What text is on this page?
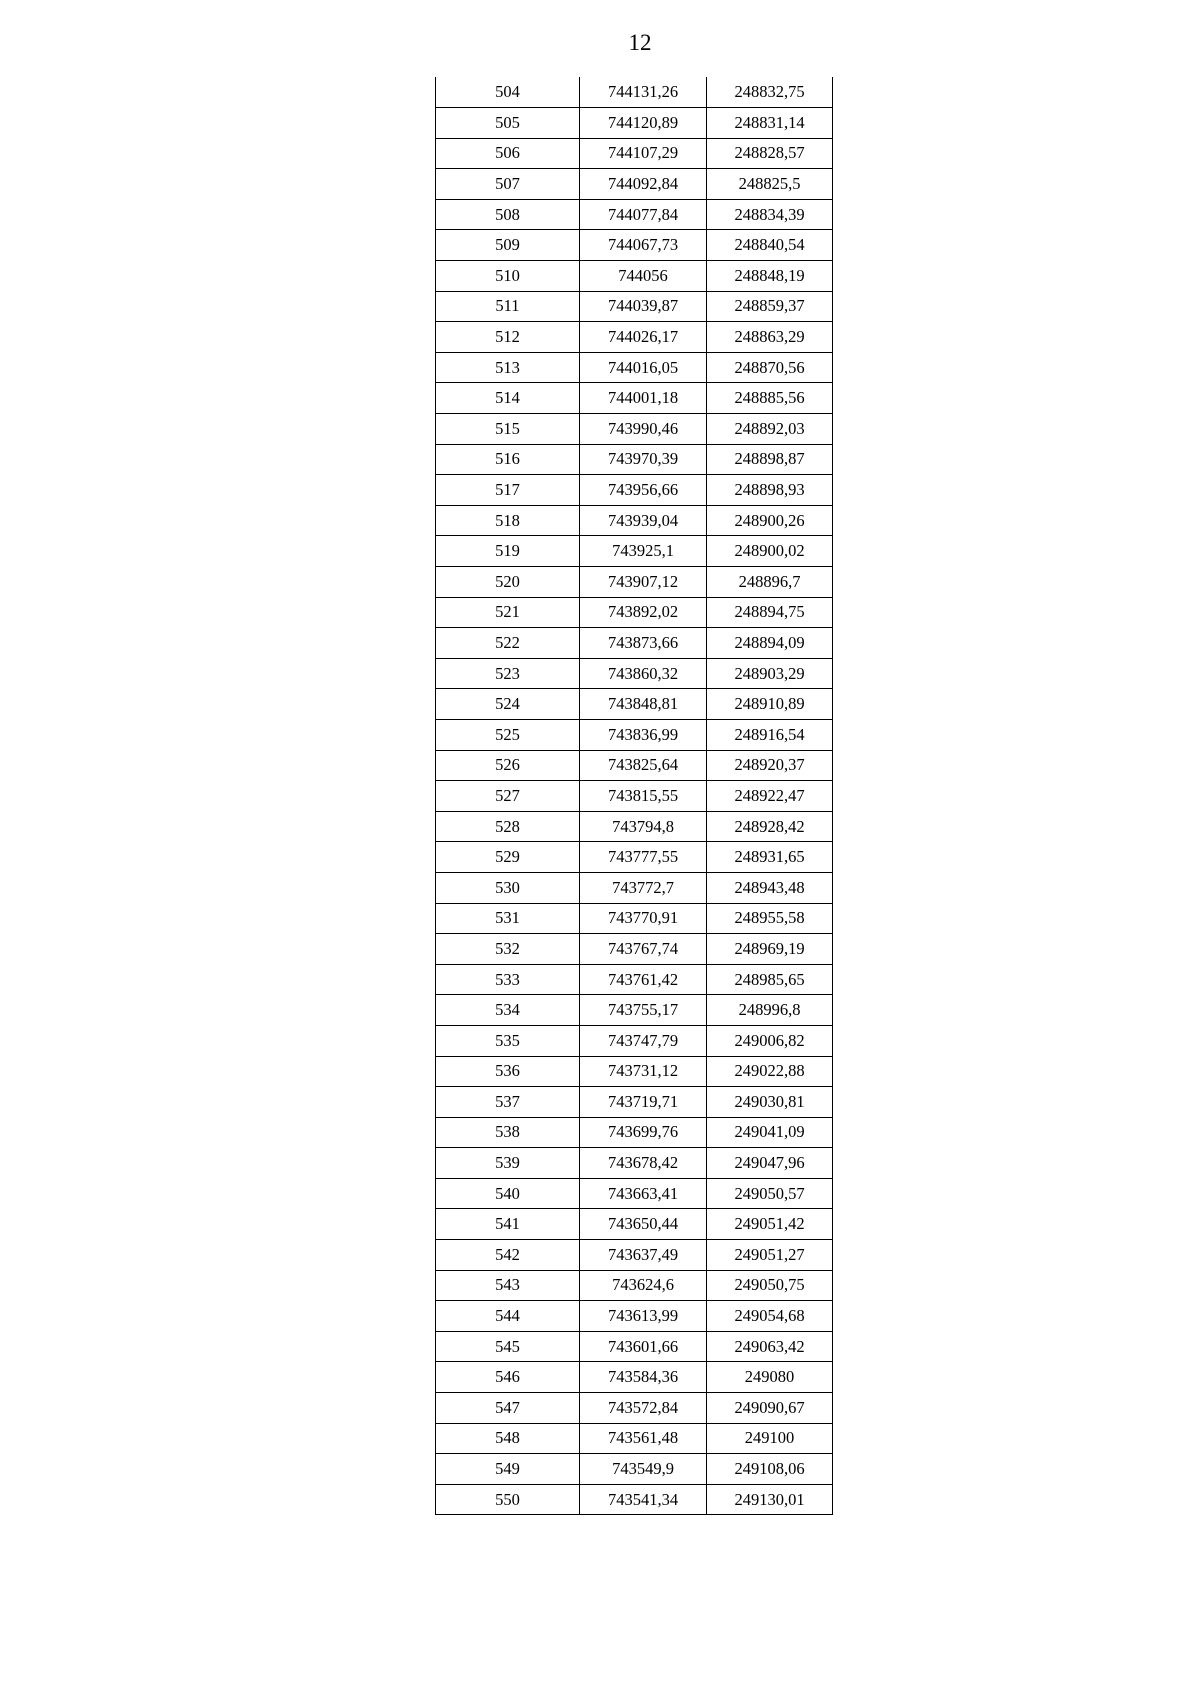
12
504	744131,26	248832,75
505	744120,89	248831,14
506	744107,29	248828,57
507	744092,84	248825,5
508	744077,84	248834,39
509	744067,73	248840,54
510	744056	248848,19
511	744039,87	248859,37
512	744026,17	248863,29
513	744016,05	248870,56
514	744001,18	248885,56
515	743990,46	248892,03
516	743970,39	248898,87
517	743956,66	248898,93
518	743939,04	248900,26
519	743925,1	248900,02
520	743907,12	248896,7
521	743892,02	248894,75
522	743873,66	248894,09
523	743860,32	248903,29
524	743848,81	248910,89
525	743836,99	248916,54
526	743825,64	248920,37
527	743815,55	248922,47
528	743794,8	248928,42
529	743777,55	248931,65
530	743772,7	248943,48
531	743770,91	248955,58
532	743767,74	248969,19
533	743761,42	248985,65
534	743755,17	248996,8
535	743747,79	249006,82
536	743731,12	249022,88
537	743719,71	249030,81
538	743699,76	249041,09
539	743678,42	249047,96
540	743663,41	249050,57
541	743650,44	249051,42
542	743637,49	249051,27
543	743624,6	249050,75
544	743613,99	249054,68
545	743601,66	249063,42
546	743584,36	249080
547	743572,84	249090,67
548	743561,48	249100
549	743549,9	249108,06
550	743541,34	249130,01
